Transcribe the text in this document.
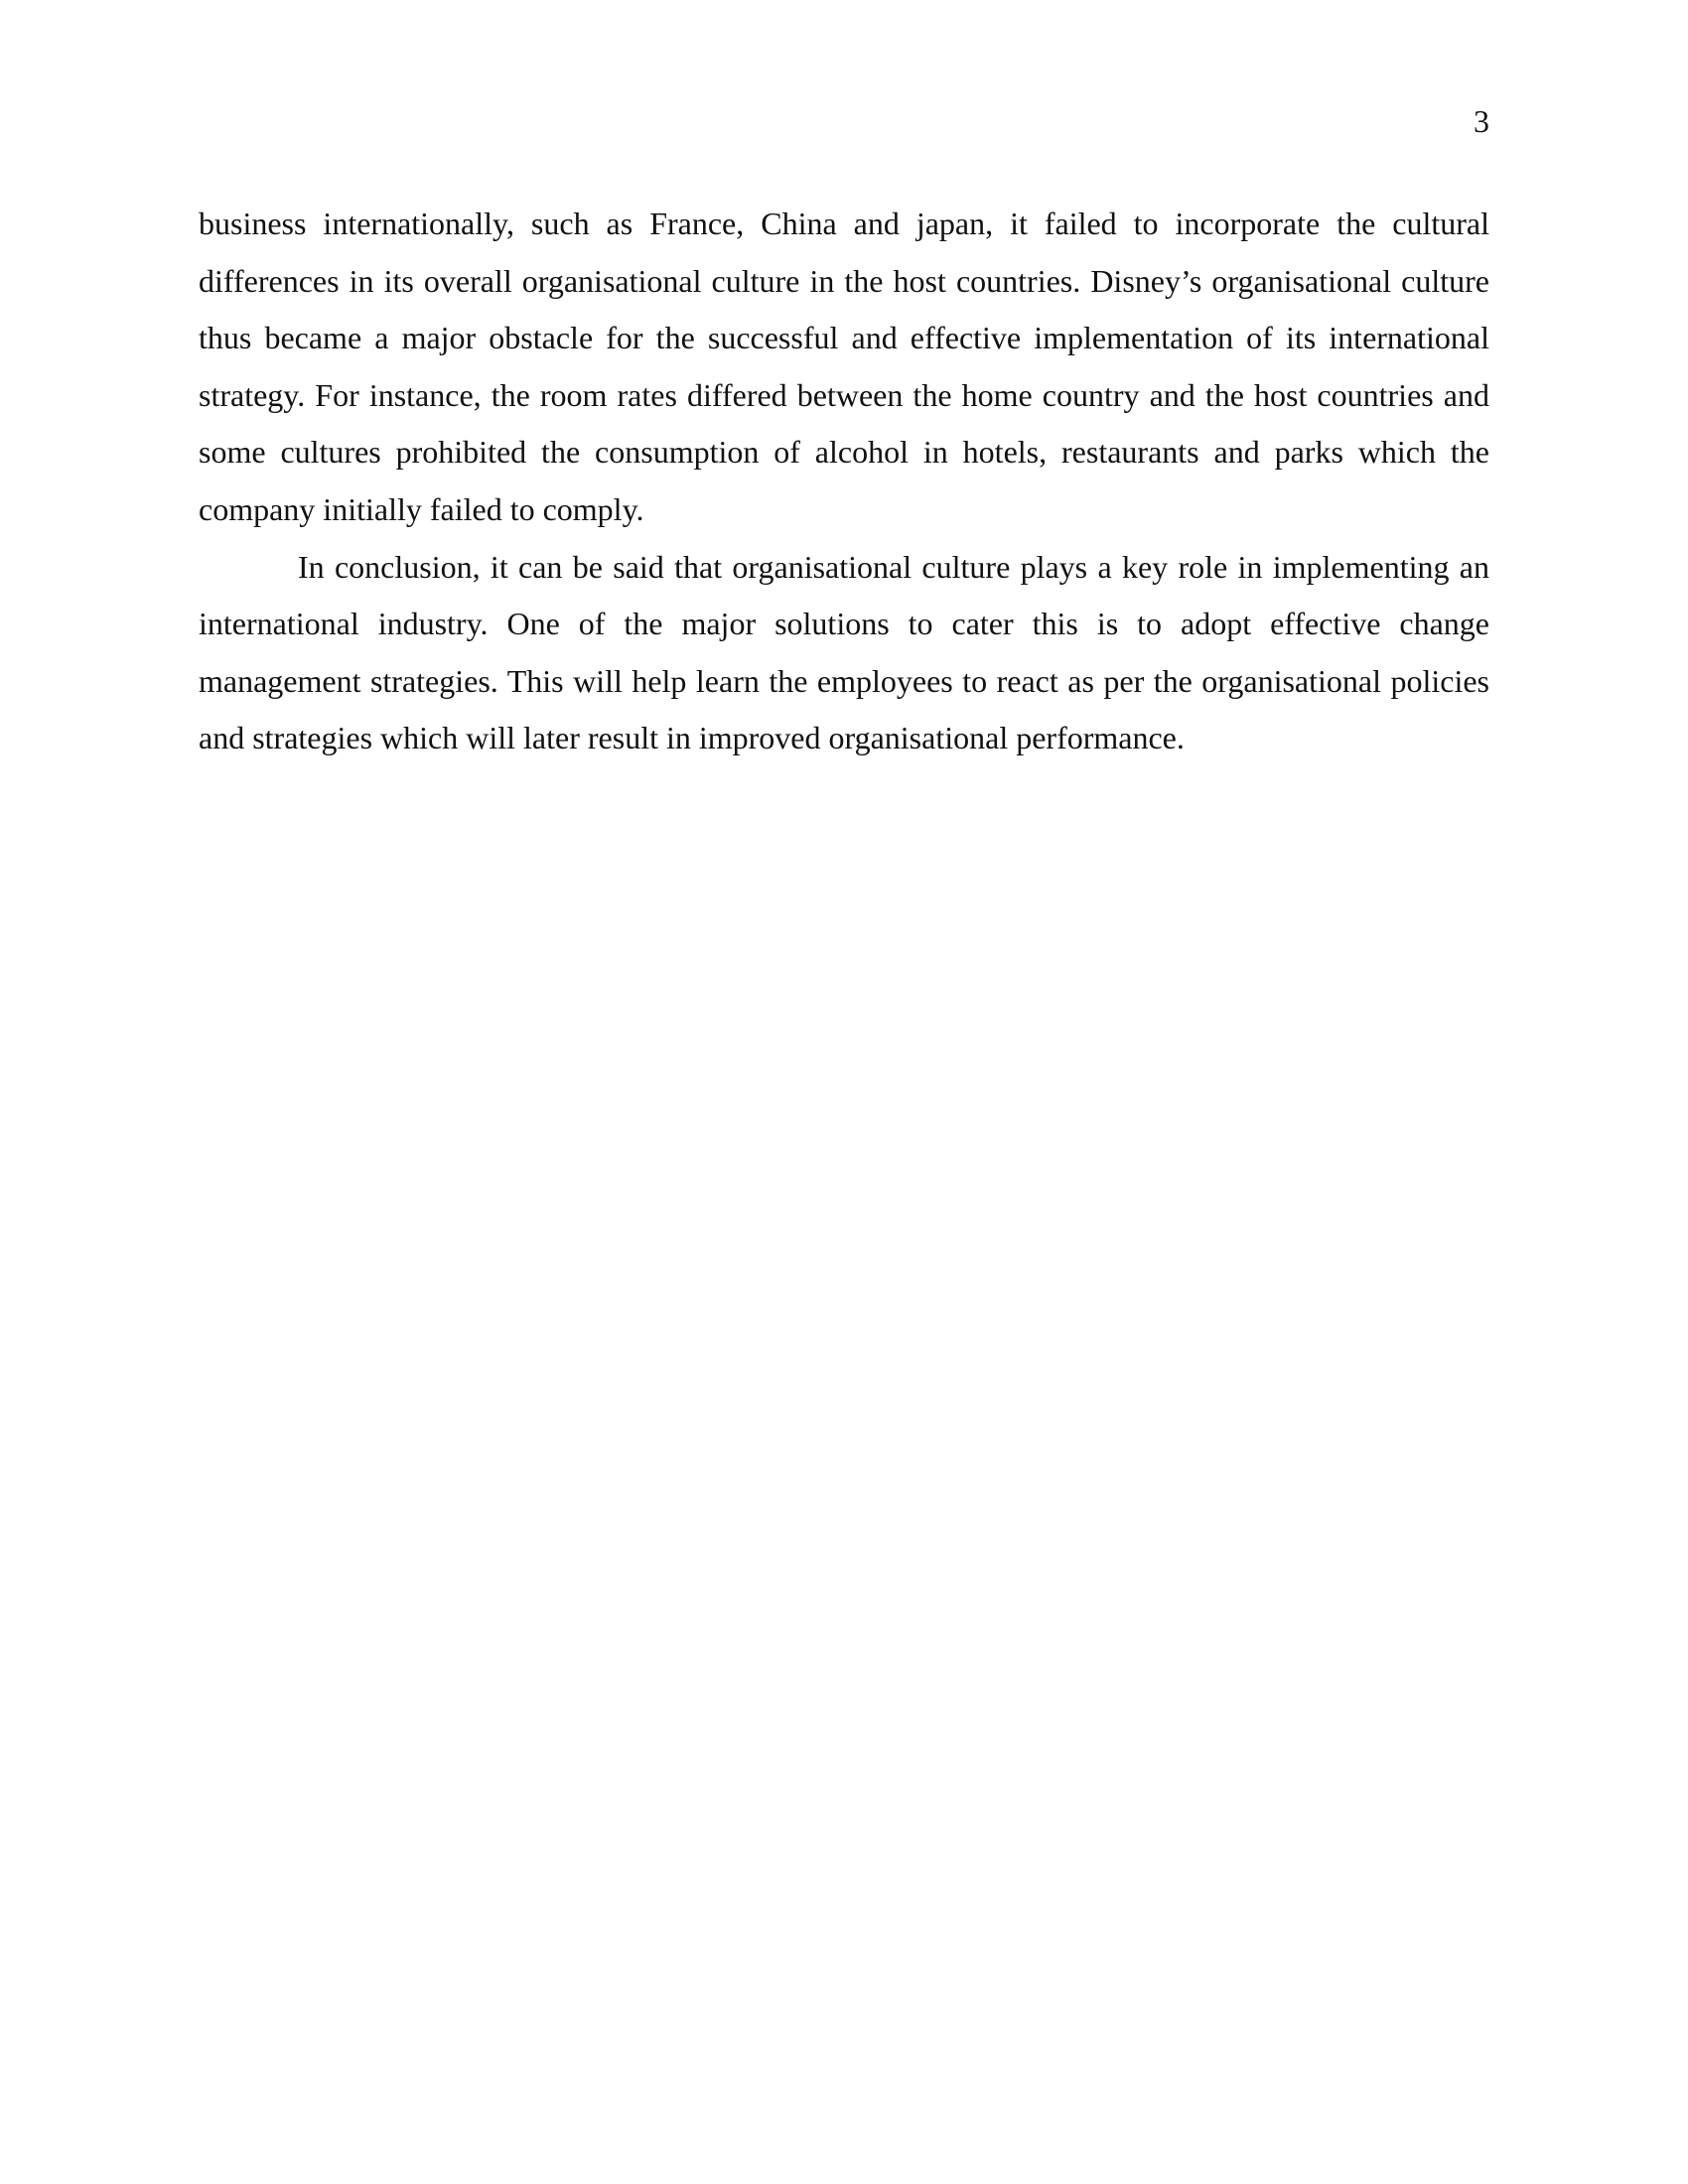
3

business internationally, such as France, China and japan, it failed to incorporate the cultural differences in its overall organisational culture in the host countries. Disney’s organisational culture thus became a major obstacle for the successful and effective implementation of its international strategy. For instance, the room rates differed between the home country and the host countries and some cultures prohibited the consumption of alcohol in hotels, restaurants and parks which the company initially failed to comply.

In conclusion, it can be said that organisational culture plays a key role in implementing an international industry. One of the major solutions to cater this is to adopt effective change management strategies. This will help learn the employees to react as per the organisational policies and strategies which will later result in improved organisational performance.
